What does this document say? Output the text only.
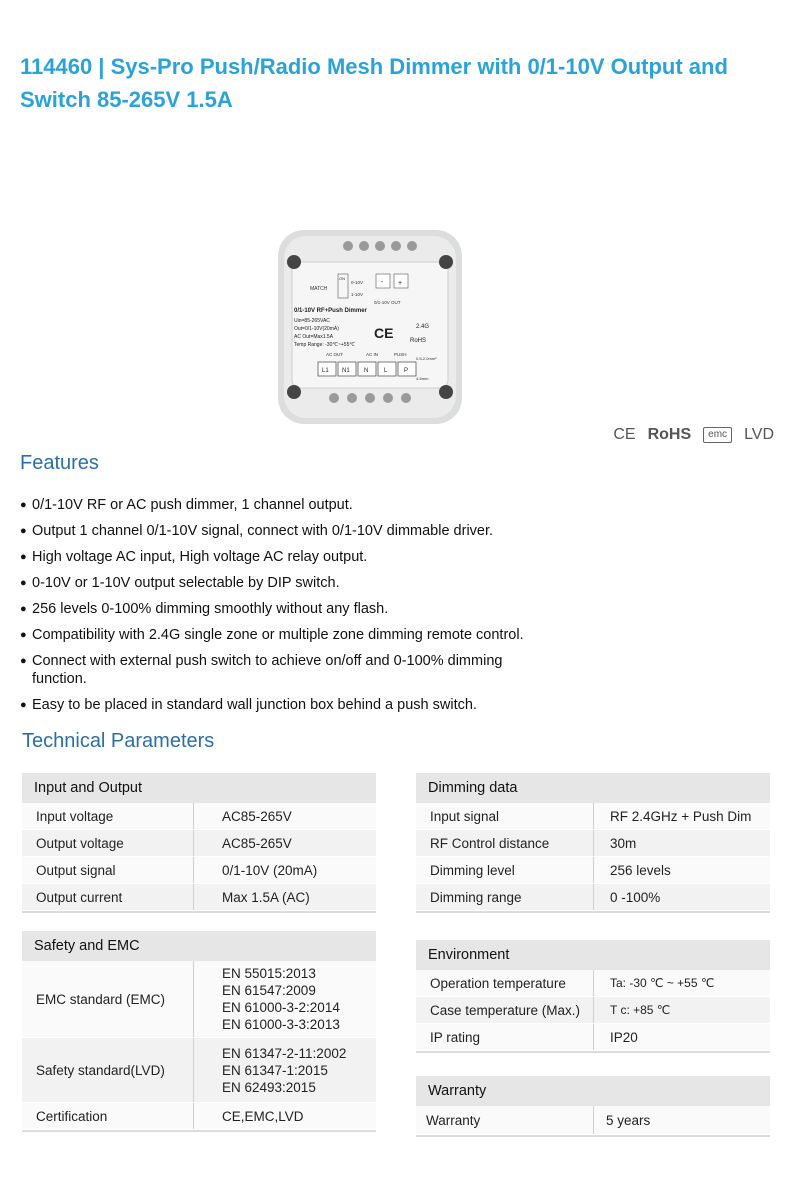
114460 | Sys-Pro Push/Radio Mesh Dimmer with 0/1-10V Output and Switch 85-265V 1.5A
MATCH
ON
0-10V
1-10V
- +
0/1-10V OUT
0/1-10V RF+Push Dimmer
Uin=85-265VAC
Out=0/1-10V(20mA)
AC Out=Max1.5A
Temp Range: -30℃~+55℃
CE	2.4G
RoHS
AC OUT	AC IN	PUSH
0.5-2.0mm²
4-5mm
L1 N1 N	L	P
CE RoHS	emc	LVD
Features
● 0/1-10V RF or AC push dimmer, 1 channel output.
● Output 1 channel 0/1-10V signal, connect with 0/1-10V dimmable driver.
● High voltage AC input, High voltage AC relay output.
● 0-10V or 1-10V output selectable by DIP switch.
● 256 levels 0-100% dimming smoothly without any flash.
● Compatibility with 2.4G single zone or multiple zone dimming remote control.
● Connect with external push switch to achieve on/off and 0-100% dimming function.
● Easy to be placed in standard wall junction box behind a push switch.
Technical Parameters
Input and Output
Input voltage	AC85-265V
Output voltage	AC85-265V
Output signal	0/1-10V (20mA)
Output current	Max 1.5A (AC)
Dimming data
Input signal	RF 2.4GHz + Push Dim
RF Control distance	30m
Dimming level	256 levels
Dimming range	0 -100%
Safety and EMC
EMC standard (EMC)
EN 55015:2013
EN 61547:2009
EN 61000-3-2:2014
EN 61000-3-3:2013
Safety standard(LVD)
EN 61347-2-11:2002
EN 61347-1:2015
EN 62493:2015
Certification	CE,EMC,LVD
Environment
Operation temperature	Ta: -30 ℃ ~ +55 ℃
Case temperature (Max.)	T c: +85 ℃
IP rating	IP20
Warranty
Warranty	5 years
